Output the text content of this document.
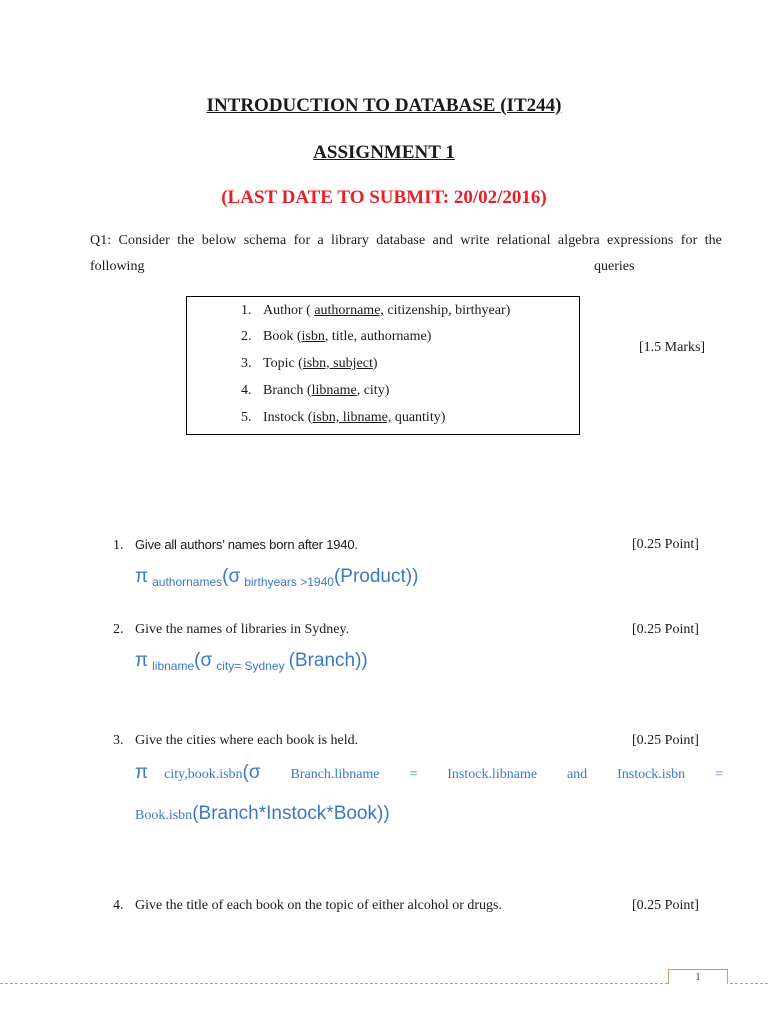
INTRODUCTION TO DATABASE (IT244)
ASSIGNMENT 1
(LAST DATE TO SUBMIT: 20/02/2016)
Q1: Consider the below schema for a library database and write relational algebra expressions for the
following	queries
1. Author ( authorname, citizenship, birthyear)
2. Book (isbn, title, authorname)
3. Topic (isbn, subject)
4. Branch (libname, city)
5. Instock (isbn, libname, quantity)
[1.5 Marks]
1. Give all authors’ names born after 1940.	[0.25 Point]
π $_{authornames}$(σ $_{birthyears >1940}$(Product))
2. Give the names of libraries in Sydney.	[0.25 Point]
π $_{libname}$(σ $_{city= Sydney}$ (Branch))
3. Give the cities where each book is held.	[0.25 Point]
π city,book.isbn(σ Branch.libname = Instock.libname and Instock.isbn =
Book.isbn(Branch*Instock*Book))
4. Give the title of each book on the topic of either alcohol or drugs.	[0.25 Point]
1
